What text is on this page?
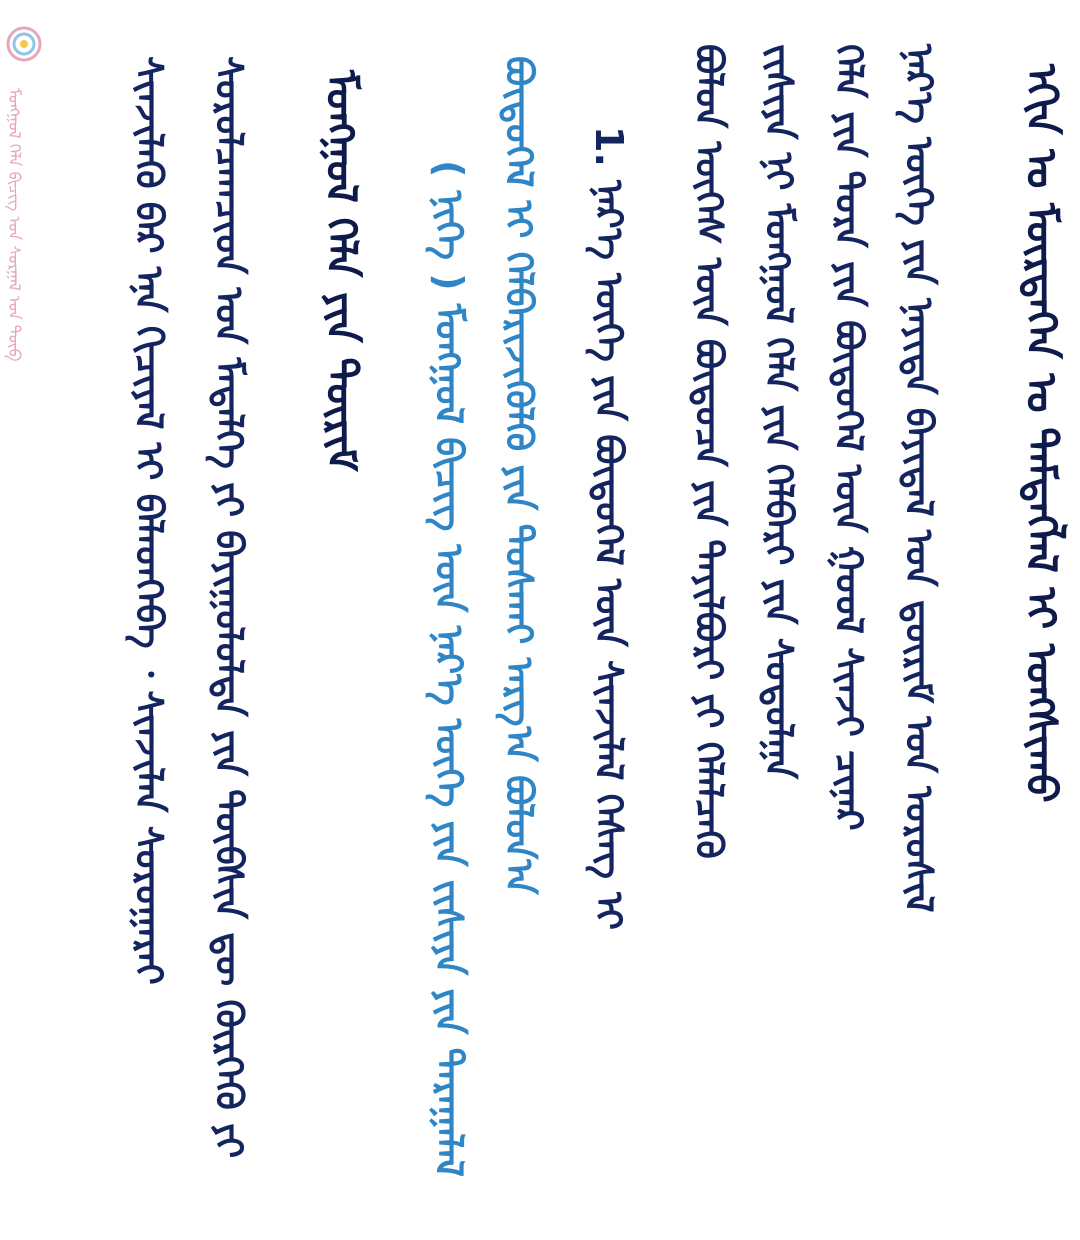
ᠮᠣᠩᠭᠣᠯ ᠬᠡᠯᠡ ᠪᠢᠴᠢᠭ ᠤᠨ ᠰᠤᠷᠭᠠᠯ ᠤᠨ ᠲᠥᠪ	ᠡᠬᠢᠨ ᠤ ᠮᠥᠷᠲᠡᠭᠡᠨ ᠤ ᠲᠡᠮᠳᠡᠭᠯᠡᠯ ᠢ ᠤᠩᠰᠢᠬᠤ
ᠨᠡᠷ᠎ᠡ ᠦᠭᠡ ᠶᠢᠨ ᠨᠡᠶᠢᠲᠡ ᠪᠠᠶᠢᠳᠠᠯ ᠤᠨ ᠳ᠋ᠦᠷᠢᠮ ᠤᠨ ᠣᠷᠣᠰᠢᠯ
ᠬᠡᠯᠡ ᠶᠢᠨ ᠳᠤᠷᠠ ᠶᠢᠨ ᠪᠦᠲᠦᠭᠡᠯ ᠦᠨ ᠭᠣᠣᠯ ᠰᠢᠨᠵᠢ ᠴᠢᠨᠠᠷ
ᠵᠢᠱᠢᠶᠡ ᠨᠢ ᠮᠣᠩᠭᠣᠯ ᠬᠡᠯᠡ ᠶᠢᠨ ᠬᠡᠯᠪᠡᠷᠢ ᠶᠢᠨ ᠰᠤᠳᠤᠯᠭᠠ
ᠪᠣᠯᠣᠨ ᠦᠭᠡᠰ ᠦᠨ ᠪᠦᠲᠦᠴᠡ ᠶᠢᠨ ᠲᠠᠶᠢᠯᠪᠤᠷᠢ ᠶᠢ ᠬᠡᠯᠡᠯᠴᠡᠬᠦ
1. ᠨᠡᠷ᠎ᠡ ᠦᠭᠡ ᠶᠢᠨ ᠪᠦᠲᠦᠭᠡᠯ ᠦᠨ ᠰᠢᠨᠵᠢᠯᠡᠯ ᠬᠡᠰᠡᠭ ᠢ
ᠪᠦᠲᠦᠭᠡᠯ ᠢ ᠬᠡᠯᠪᠡᠷᠢᠵᠢᠭᠦᠯᠬᠦ ᠶᠢᠨ ᠲᠤᠰᠬᠠᠶ ᠠᠷᠭ᠎ᠠ ᠪᠣᠯᠤᠨ᠎ᠠ
( ᠨᠢᠭᠡ ) ᠮᠣᠩᠭᠣᠯ ᠪᠢᠴᠢᠭ ᠦᠨ ᠨᠡᠷ᠎ᠡ ᠦᠭᠡ ᠶᠢᠨ ᠵᠢᠱᠢᠶᠡ ᠶᠢᠨ ᠳᠠᠷᠠᠭᠠᠯᠠᠯ
ᠮᠣᠩᠭᠣᠯ ᠬᠡᠯᠡ ᠶᠢᠨ ᠳᠦᠷᠢᠮ
ᠰᠤᠷᠤᠯᠴᠠᠭᠴᠢᠳ ᠤᠨ ᠮᠡᠳᠡᠯᠭᠡ ᠶᠢ ᠪᠠᠶᠢᠭᠤᠯᠤᠯᠲᠠ ᠶᠢᠨ ᠲᠥᠪᠰᠢᠨ ᠳᠦ ᠬᠦᠷᠭᠡᠬᠦ ᠶᠢ
ᠰᠢᠨᠵᠢᠯᠡᠬᠦ ᠪᠡᠷ ᠡᠨᠡ ᠬᠢᠴᠢᠶᠡᠯ ᠢ ᠪᠡᠯᠡᠳᠬᠡᠪᠡ ᠂ ᠰᠢᠨᠵᠢᠯᠡᠨ ᠰᠤᠷᠤᠭᠠᠷᠠᠢ
